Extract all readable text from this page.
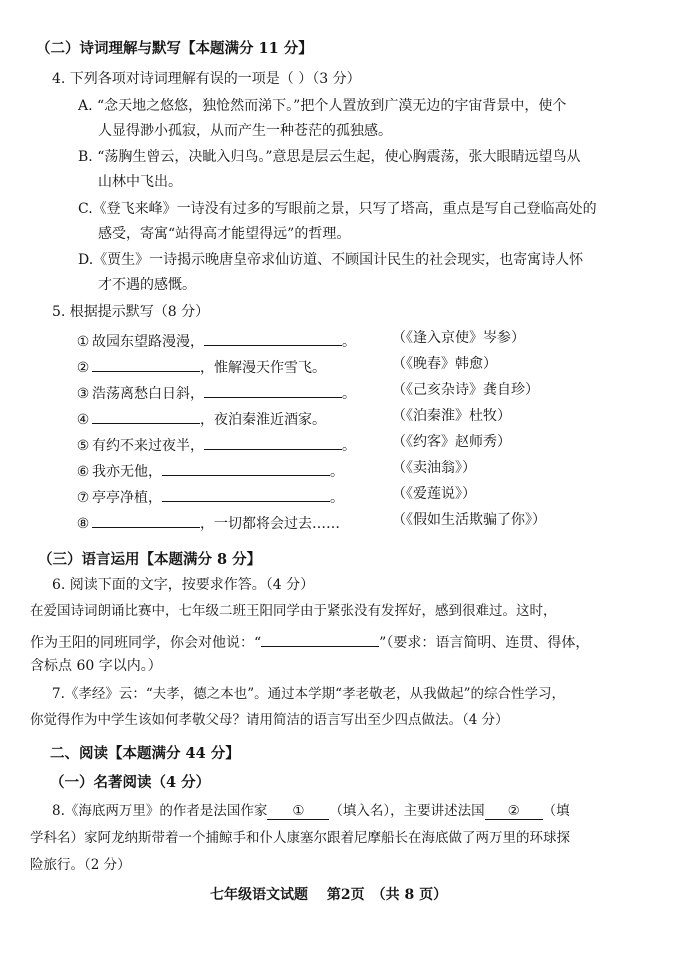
（二）诗词理解与默写【本题满分 11 分】
4. 下列各项对诗词理解有误的一项是（ ）（3 分）
A. “念天地之悠悠，独怆然而涕下。”把个人置放到广漠无边的宇宙背景中，使个
人显得渺小孤寂，从而产生一种苍茫的孤独感。
B. “荡胸生曾云，决眦入归鸟。”意思是层云生起，使心胸震荡，张大眼睛远望鸟从
山林中飞出。
C.《登飞来峰》一诗没有过多的写眼前之景，只写了塔高，重点是写自己登临高处的
感受，寄寓“站得高才能望得远”的哲理。
D.《贾生》一诗揭示晚唐皇帝求仙访道、不顾国计民生的社会现实，也寄寓诗人怀
才不遇的感慨。
5. 根据提示默写（8 分）
① 故园东望路漫漫，	。	（《逢入京使》岑参）
②	，惟解漫天作雪飞。	（《晚春》韩愈）
③ 浩荡离愁白日斜，	。	（《己亥杂诗》龚自珍）
④	，夜泊秦淮近酒家。	（《泊秦淮》杜牧）
⑤ 有约不来过夜半，	。	（《约客》赵师秀）
⑥ 我亦无他，	。	（《卖油翁》）
⑦ 亭亭净植，	。	（《爱莲说》）
⑧	，一切都将会过去……	（《假如生活欺骗了你》）
（三）语言运用【本题满分 8 分】
6. 阅读下面的文字，按要求作答。（4 分）
在爱国诗词朗诵比赛中，七年级二班王阳同学由于紧张没有发挥好，感到很难过。这时，
作为王阳的同班同学，你会对他说：“	”（要求：语言简明、连贯、得体，
含标点 60 字以内。）
7.《孝经》云：“夫孝，德之本也”。通过本学期“孝老敬老，从我做起”的综合性学习，
你觉得作为中学生该如何孝敬父母？请用简洁的语言写出至少四点做法。（4 分）
二、阅读【本题满分 44 分】
（一）名著阅读（4 分）
8.《海底两万里》的作者是法国作家 ① （填入名），主要讲述法国 ② （填
学科名）家阿龙纳斯带着一个捕鲸手和仆人康塞尔跟着尼摩船长在海底做了两万里的环球探
险旅行。（2 分）
七年级语文试题　 第2页　（共 8 页）
